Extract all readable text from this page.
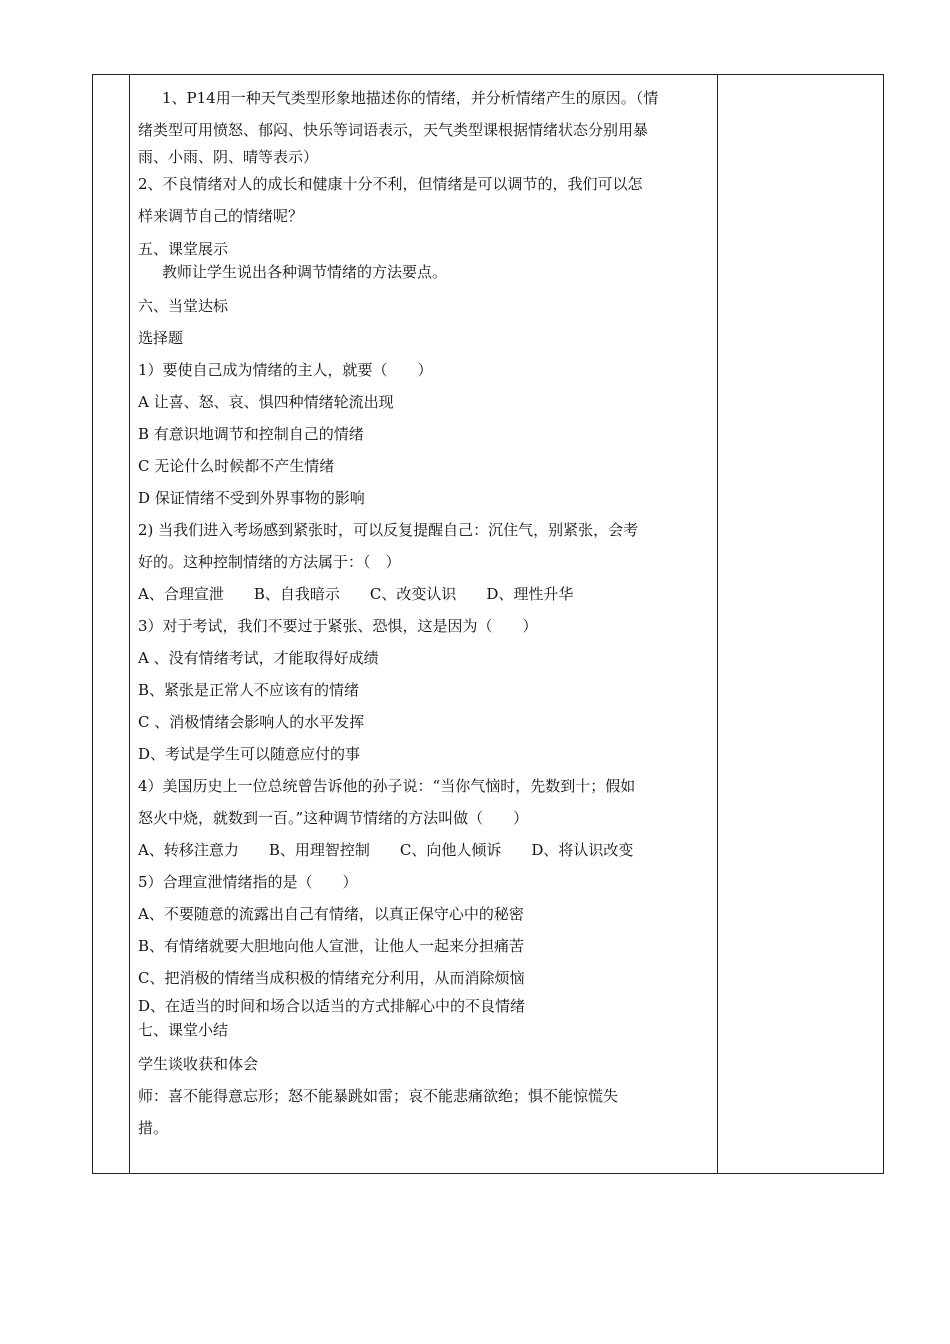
1、P14用一种天气类型形象地描述你的情绪，并分析情绪产生的原因。（情

绪类型可用愤怒、郁闷、快乐等词语表示，天气类型课根据情绪状态分别用暴

雨、小雨、阴、晴等表示）

2、不良情绪对人的成长和健康十分不利，但情绪是可以调节的，我们可以怎

样来调节自己的情绪呢？

五、课堂展示

教师让学生说出各种调节情绪的方法要点。

六、当堂达标

选择题

1）要使自己成为情绪的主人，就要（　　）

A 让喜、怒、哀、惧四种情绪轮流出现

B 有意识地调节和控制自己的情绪

C 无论什么时候都不产生情绪

D 保证情绪不受到外界事物的影响

2) 当我们进入考场感到紧张时，可以反复提醒自己：沉住气，别紧张，会考

好的。这种控制情绪的方法属于：（　）

A、合理宣泄　　B、自我暗示　　C、改变认识　　D、理性升华

3）对于考试，我们不要过于紧张、恐惧，这是因为（　　）

A 、没有情绪考试，才能取得好成绩

B、紧张是正常人不应该有的情绪

C 、消极情绪会影响人的水平发挥

D、考试是学生可以随意应付的事

4）美国历史上一位总统曾告诉他的孙子说：“当你气恼时，先数到十；假如

怒火中烧，就数到一百。”这种调节情绪的方法叫做（　　）

A、转移注意力　　B、用理智控制　　C、向他人倾诉　　D、将认识改变

5）合理宣泄情绪指的是（　　）

A、不要随意的流露出自己有情绪，以真正保守心中的秘密

B、有情绪就要大胆地向他人宣泄，让他人一起来分担痛苦

C、把消极的情绪当成积极的情绪充分利用，从而消除烦恼

D、在适当的时间和场合以适当的方式排解心中的不良情绪

七、课堂小结

学生谈收获和体会

师：喜不能得意忘形；怒不能暴跳如雷；哀不能悲痛欲绝；惧不能惊慌失

措。
